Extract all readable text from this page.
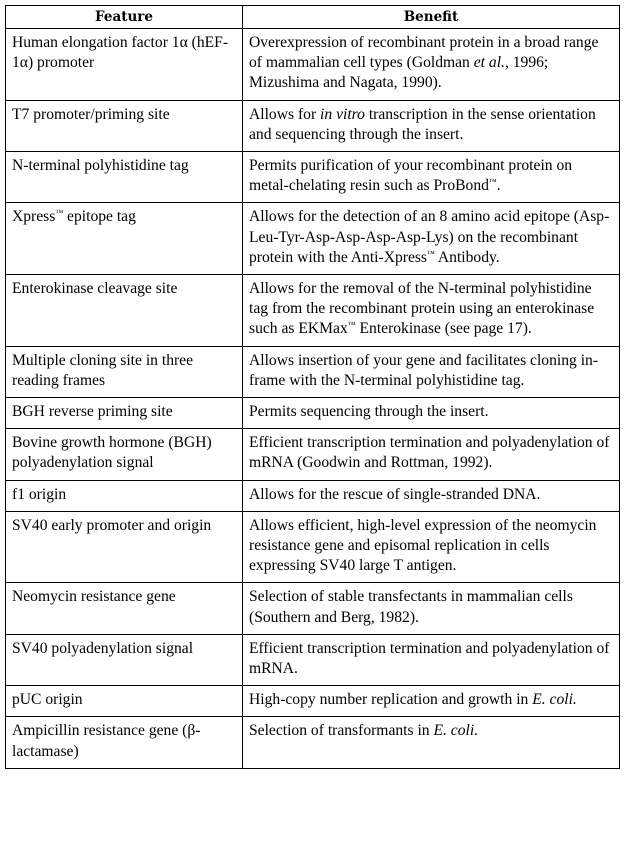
Feature	Benefit
Human elongation factor 1α (hEF-1α) promoter	Overexpression of recombinant protein in a broad range of mammalian cell types (Goldman et al., 1996; Mizushima and Nagata, 1990).
T7 promoter/priming site	Allows for in vitro transcription in the sense orientation and sequencing through the insert.
N-terminal polyhistidine tag	Permits purification of your recombinant protein on metal-chelating resin such as ProBond™.
Xpress™ epitope tag	Allows for the detection of an 8 amino acid epitope (Asp-Leu-Tyr-Asp-Asp-Asp-Asp-Lys) on the recombinant protein with the Anti-Xpress™ Antibody.
Enterokinase cleavage site	Allows for the removal of the N-terminal polyhistidine tag from the recombinant protein using an enterokinase such as EKMax™ Enterokinase (see page 17).
Multiple cloning site in three reading frames	Allows insertion of your gene and facilitates cloning in-frame with the N-terminal polyhistidine tag.
BGH reverse priming site	Permits sequencing through the insert.
Bovine growth hormone (BGH) polyadenylation signal	Efficient transcription termination and polyadenylation of mRNA (Goodwin and Rottman, 1992).
f1 origin	Allows for the rescue of single-stranded DNA.
SV40 early promoter and origin	Allows efficient, high-level expression of the neomycin resistance gene and episomal replication in cells expressing SV40 large T antigen.
Neomycin resistance gene	Selection of stable transfectants in mammalian cells (Southern and Berg, 1982).
SV40 polyadenylation signal	Efficient transcription termination and polyadenylation of mRNA.
pUC origin	High-copy number replication and growth in E. coli.
Ampicillin resistance gene (β-lactamase)	Selection of transformants in E. coli.
